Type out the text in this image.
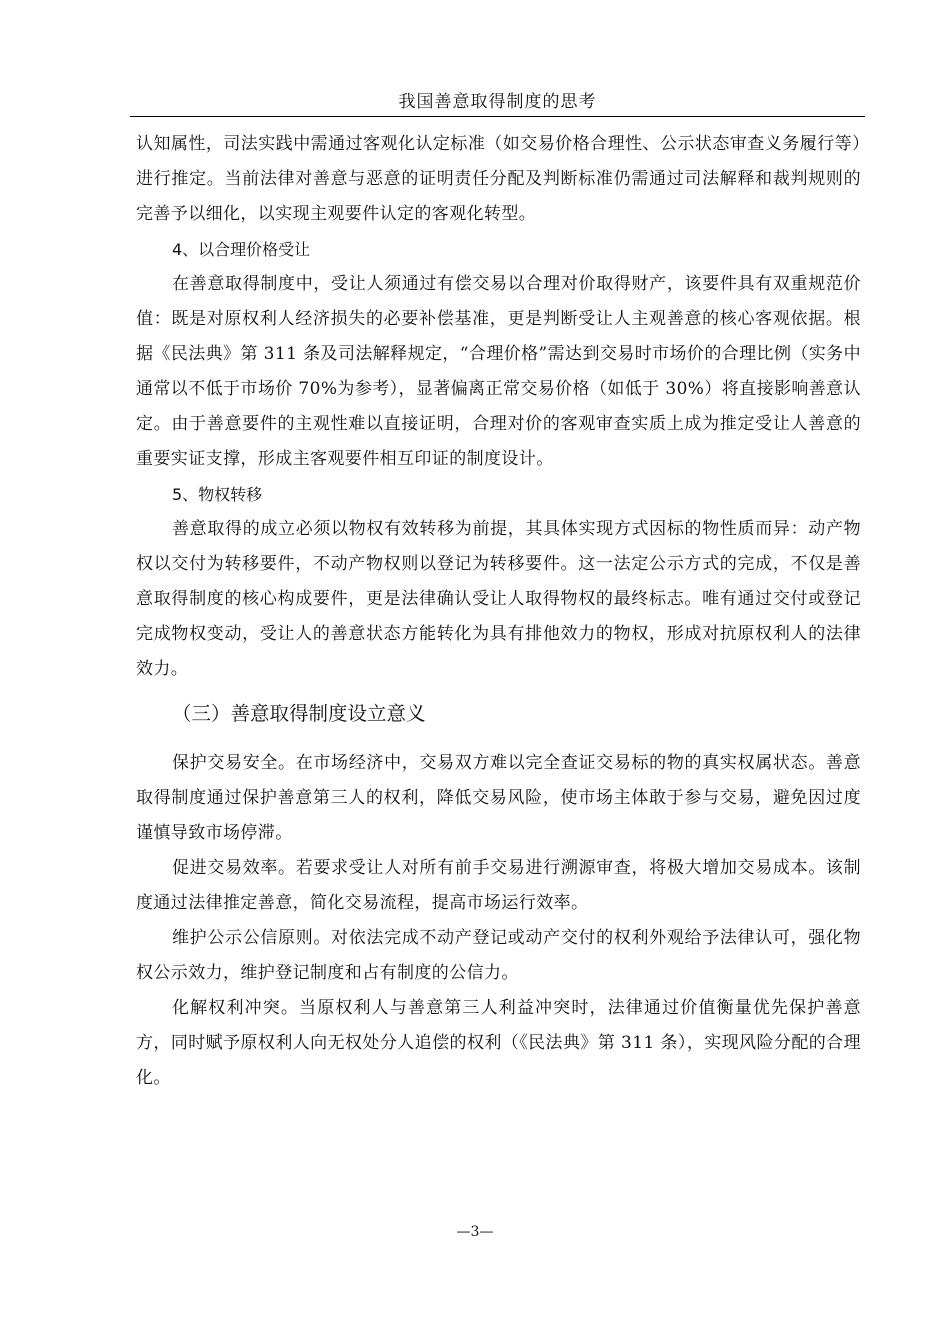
我国善意取得制度的思考

认知属性，司法实践中需通过客观化认定标准（如交易价格合理性、公示状态审查义务履行等）进行推定。当前法律对善意与恶意的证明责任分配及判断标准仍需通过司法解释和裁判规则的完善予以细化，以实现主观要件认定的客观化转型。

4、以合理价格受让

在善意取得制度中，受让人须通过有偿交易以合理对价取得财产，该要件具有双重规范价值：既是对原权利人经济损失的必要补偿基准，更是判断受让人主观善意的核心客观依据。根据《民法典》第 311 条及司法解释规定，“合理价格”需达到交易时市场价的合理比例（实务中通常以不低于市场价 70%为参考），显著偏离正常交易价格（如低于 30%）将直接影响善意认定。由于善意要件的主观性难以直接证明，合理对价的客观审查实质上成为推定受让人善意的重要实证支撑，形成主客观要件相互印证的制度设计。

5、物权转移

善意取得的成立必须以物权有效转移为前提，其具体实现方式因标的物性质而异：动产物权以交付为转移要件，不动产物权则以登记为转移要件。这一法定公示方式的完成，不仅是善意取得制度的核心构成要件，更是法律确认受让人取得物权的最终标志。唯有通过交付或登记完成物权变动，受让人的善意状态方能转化为具有排他效力的物权，形成对抗原权利人的法律效力。

（三）善意取得制度设立意义

保护交易安全。在市场经济中，交易双方难以完全查证交易标的物的真实权属状态。善意取得制度通过保护善意第三人的权利，降低交易风险，使市场主体敢于参与交易，避免因过度谨慎导致市场停滞。

促进交易效率。若要求受让人对所有前手交易进行溯源审查，将极大增加交易成本。该制度通过法律推定善意，简化交易流程，提高市场运行效率。

维护公示公信原则。对依法完成不动产登记或动产交付的权利外观给予法律认可，强化物权公示效力，维护登记制度和占有制度的公信力。

化解权利冲突。当原权利人与善意第三人利益冲突时，法律通过价值衡量优先保护善意方，同时赋予原权利人向无权处分人追偿的权利（《民法典》第 311 条），实现风险分配的合理化。

—3—
